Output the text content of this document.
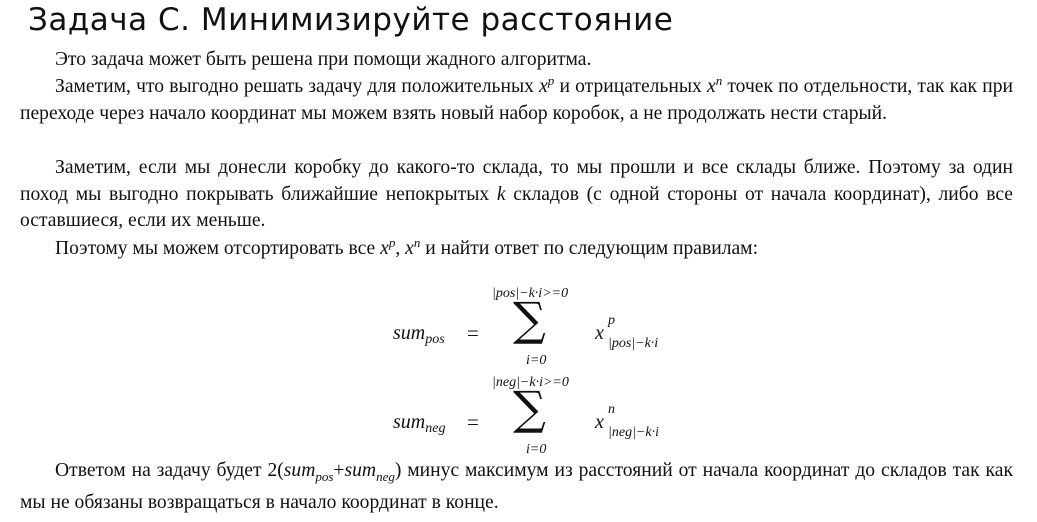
Задача C. Минимизируйте расстояние

Это задача может быть решена при помощи жадного алгоритма.

Заметим, что выгодно решать задачу для положительных $x^p$ и отрицательных $x^n$ точек по отдельности, так как при переходе через начало координат мы можем взять новый набор коробок, а не продолжать нести старый.

Заметим, если мы донесли коробку до какого-то склада, то мы прошли и все склады ближе. Поэтому за один поход мы выгодно покрывать ближайшие непокрытых k складов (с одной стороны от начала координат), либо все оставшиеся, если их меньше.

Поэтому мы можем отсортировать все $x^p$, $x^n$ и найти ответ по следующим правилам:

sum$_{pos}$ =
|pos|−k·i>=0
∑
i=0
x
p
|pos|−k·i
sum$_{neg}$ =
|neg|−k·i>=0
∑
i=0
x
n
|neg|−k·i

Ответом на задачу будет 2(sum$_{pos}$+sum$_{neg}$) минус максимум из расстояний от начала координат до складов так как мы не обязаны возвращаться в начало координат в конце.
